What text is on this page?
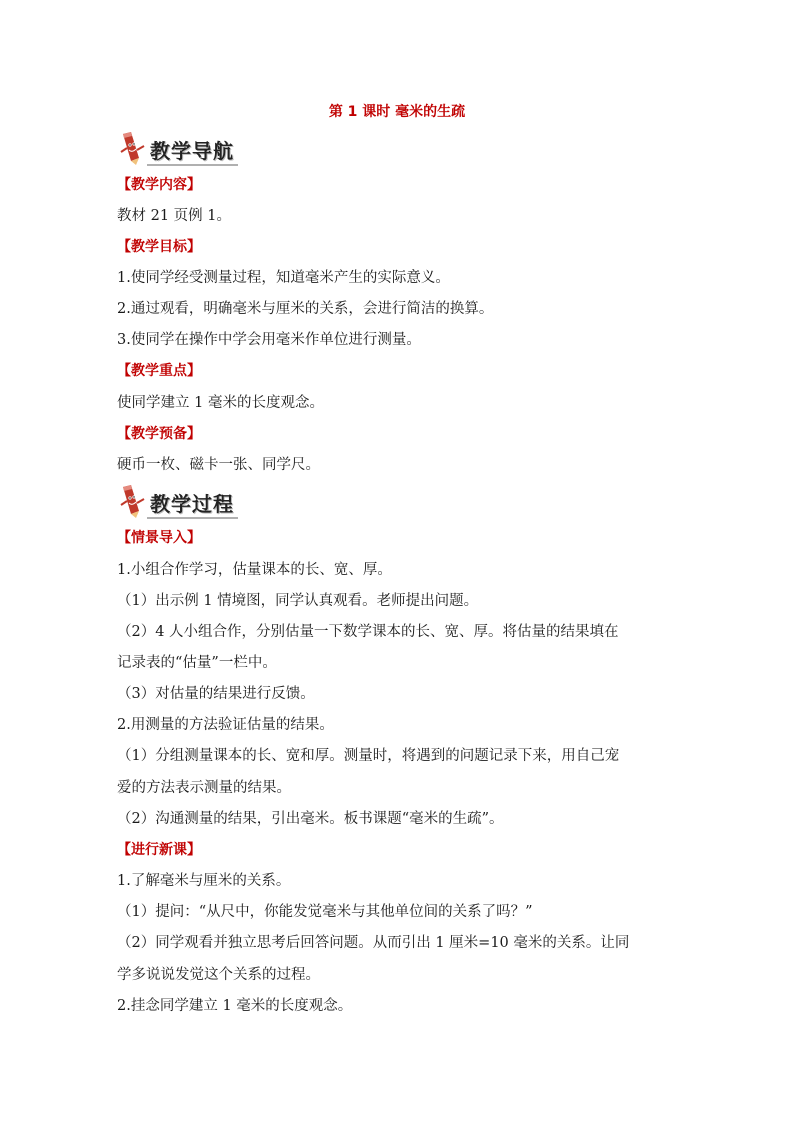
第 1 课时 毫米的生疏
教学导航
【教学内容】
教材 21 页例 1。
【教学目标】
1.使同学经受测量过程，知道毫米产生的实际意义。
2.通过观看，明确毫米与厘米的关系，会进行简洁的换算。
3.使同学在操作中学会用毫米作单位进行测量。
【教学重点】
使同学建立 1 毫米的长度观念。
【教学预备】
硬币一枚、磁卡一张、同学尺。
教学过程
【情景导入】
1.小组合作学习，估量课本的长、宽、厚。
（1）出示例 1 情境图，同学认真观看。老师提出问题。
（2）4 人小组合作，分别估量一下数学课本的长、宽、厚。将估量的结果填在
记录表的“估量”一栏中。
（3）对估量的结果进行反馈。
2.用测量的方法验证估量的结果。
（1）分组测量课本的长、宽和厚。测量时，将遇到的问题记录下来，用自己宠
爱的方法表示测量的结果。
（2）沟通测量的结果，引出毫米。板书课题“毫米的生疏”。
【进行新课】
1.了解毫米与厘米的关系。
（1）提问：“从尺中，你能发觉毫米与其他单位间的关系了吗？”
（2）同学观看并独立思考后回答问题。从而引出 1 厘米=10 毫米的关系。让同
学多说说发觉这个关系的过程。
2.挂念同学建立 1 毫米的长度观念。
